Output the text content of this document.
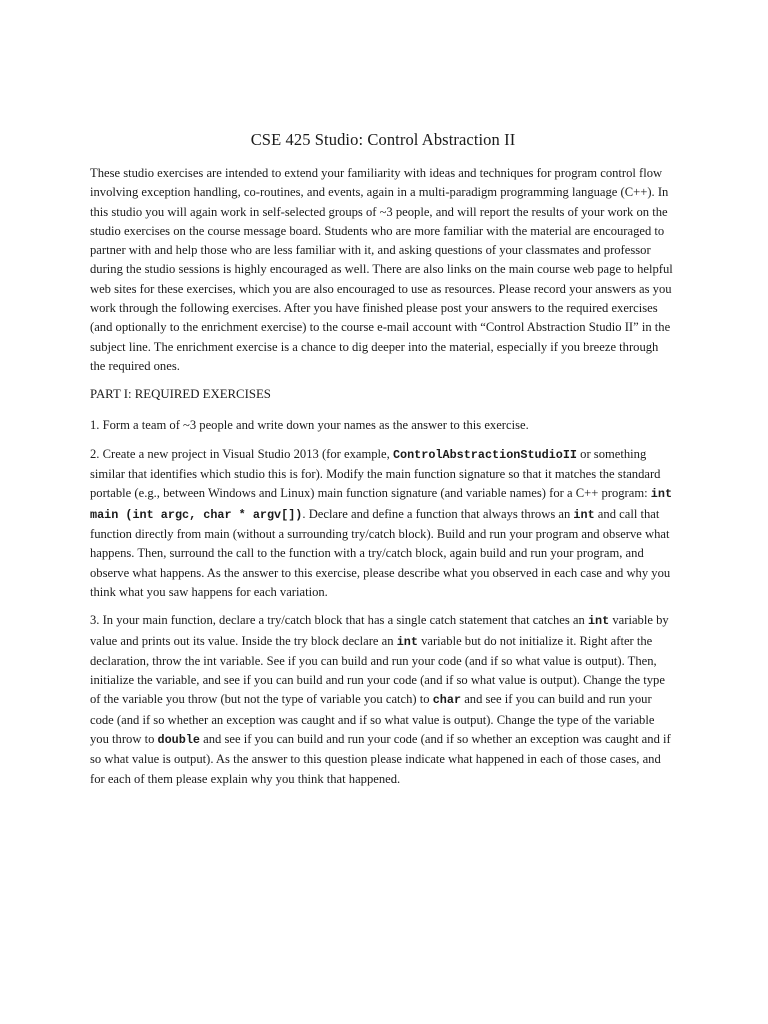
CSE 425 Studio: Control Abstraction II

These studio exercises are intended to extend your familiarity with ideas and techniques for program control flow involving exception handling, co-routines, and events, again in a multi-paradigm programming language (C++). In this studio you will again work in self-selected groups of ~3 people, and will report the results of your work on the studio exercises on the course message board. Students who are more familiar with the material are encouraged to partner with and help those who are less familiar with it, and asking questions of your classmates and professor during the studio sessions is highly encouraged as well. There are also links on the main course web page to helpful web sites for these exercises, which you are also encouraged to use as resources. Please record your answers as you work through the following exercises. After you have finished please post your answers to the required exercises (and optionally to the enrichment exercise) to the course e-mail account with “Control Abstraction Studio II” in the subject line. The enrichment exercise is a chance to dig deeper into the material, especially if you breeze through the required ones.

PART I: REQUIRED EXERCISES

1. Form a team of ~3 people and write down your names as the answer to this exercise.

2. Create a new project in Visual Studio 2013 (for example, ControlAbstractionStudioII or something similar that identifies which studio this is for). Modify the main function signature so that it matches the standard portable (e.g., between Windows and Linux) main function signature (and variable names) for a C++ program: int main (int argc, char * argv[]). Declare and define a function that always throws an int and call that function directly from main (without a surrounding try/catch block). Build and run your program and observe what happens. Then, surround the call to the function with a try/catch block, again build and run your program, and observe what happens. As the answer to this exercise, please describe what you observed in each case and why you think what you saw happens for each variation.

3. In your main function, declare a try/catch block that has a single catch statement that catches an int variable by value and prints out its value. Inside the try block declare an int variable but do not initialize it. Right after the declaration, throw the int variable. See if you can build and run your code (and if so what value is output). Then, initialize the variable, and see if you can build and run your code (and if so what value is output). Change the type of the variable you throw (but not the type of variable you catch) to char and see if you can build and run your code (and if so whether an exception was caught and if so what value is output). Change the type of the variable you throw to double and see if you can build and run your code (and if so whether an exception was caught and if so what value is output). As the answer to this question please indicate what happened in each of those cases, and for each of them please explain why you think that happened.
